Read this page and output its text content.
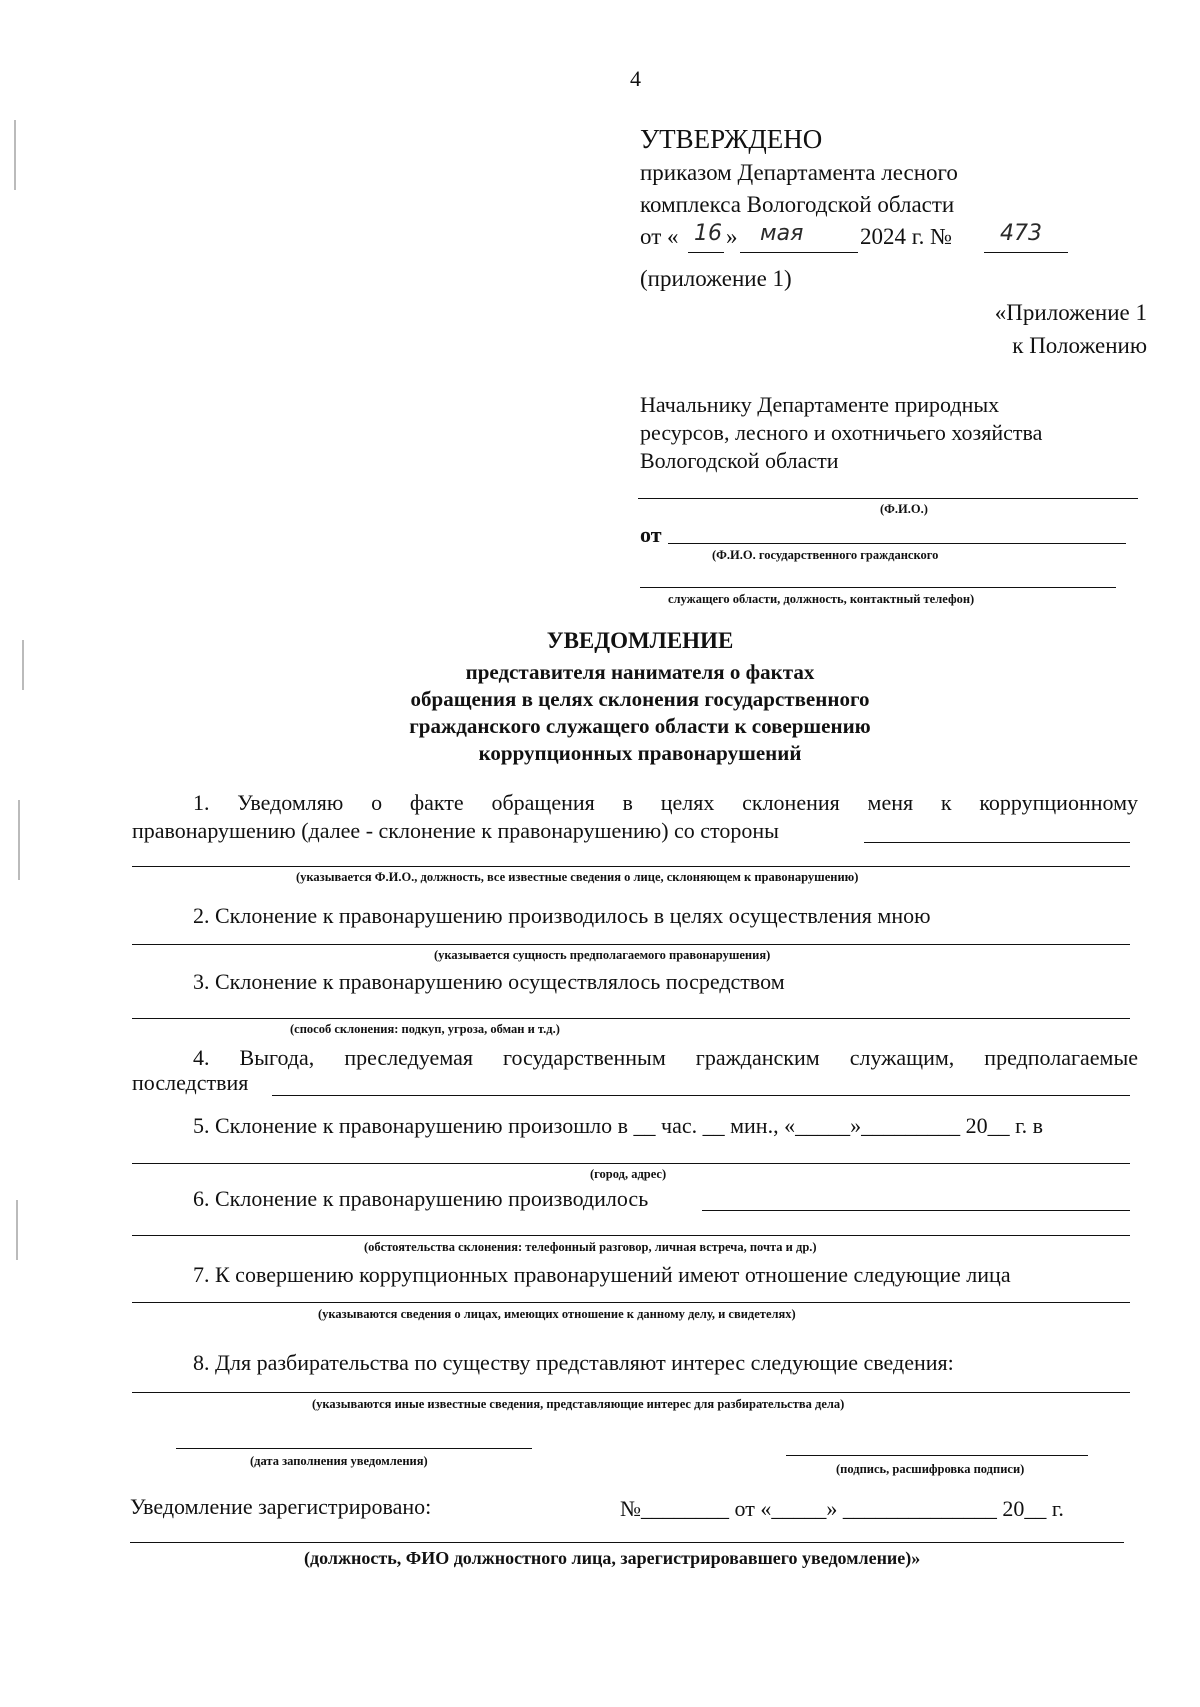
4
УТВЕРЖДЕНО
приказом Департамента лесного
комплекса Вологодской области
от « 16 » мая 2024 г. № 473
(приложение 1)
«Приложение 1
к Положению
Начальнику Департаменте природных
ресурсов, лесного и охотничьего хозяйства
Вологодской области
(Ф.И.О.)
от
(Ф.И.О. государственного гражданского
служащего области, должность, контактный телефон)
УВЕДОМЛЕНИЕ
представителя нанимателя о фактах
обращения в целях склонения государственного
гражданского служащего области к совершению
коррупционных правонарушений
1. Уведомляю о факте обращения в целях склонения меня к коррупционному
правонарушению (далее - склонение к правонарушению) со стороны
(указывается Ф.И.О., должность, все известные сведения о лице, склоняющем к правонарушению)
2. Склонение к правонарушению производилось в целях осуществления мною
(указывается сущность предполагаемого правонарушения)
3. Склонение к правонарушению осуществлялось посредством
(способ склонения: подкуп, угроза, обман и т.д.)
4. Выгода, преследуемая государственным гражданским служащим, предполагаемые
последствия
5. Склонение к правонарушению произошло в __ час. __ мин., «_____»_________ 20__ г. в
(город, адрес)
6. Склонение к правонарушению производилось
(обстоятельства склонения: телефонный разговор, личная встреча, почта и др.)
7. К совершению коррупционных правонарушений имеют отношение следующие лица
(указываются сведения о лицах, имеющих отношение к данному делу, и свидетелях)
8. Для разбирательства по существу представляют интерес следующие сведения:
(указываются иные известные сведения, представляющие интерес для разбирательства дела)
(дата заполнения уведомления)
(подпись, расшифровка подписи)
Уведомление зарегистрировано:	№________ от «_____» ______________ 20__ г.
(должность, ФИО должностного лица, зарегистрировавшего уведомление)»
